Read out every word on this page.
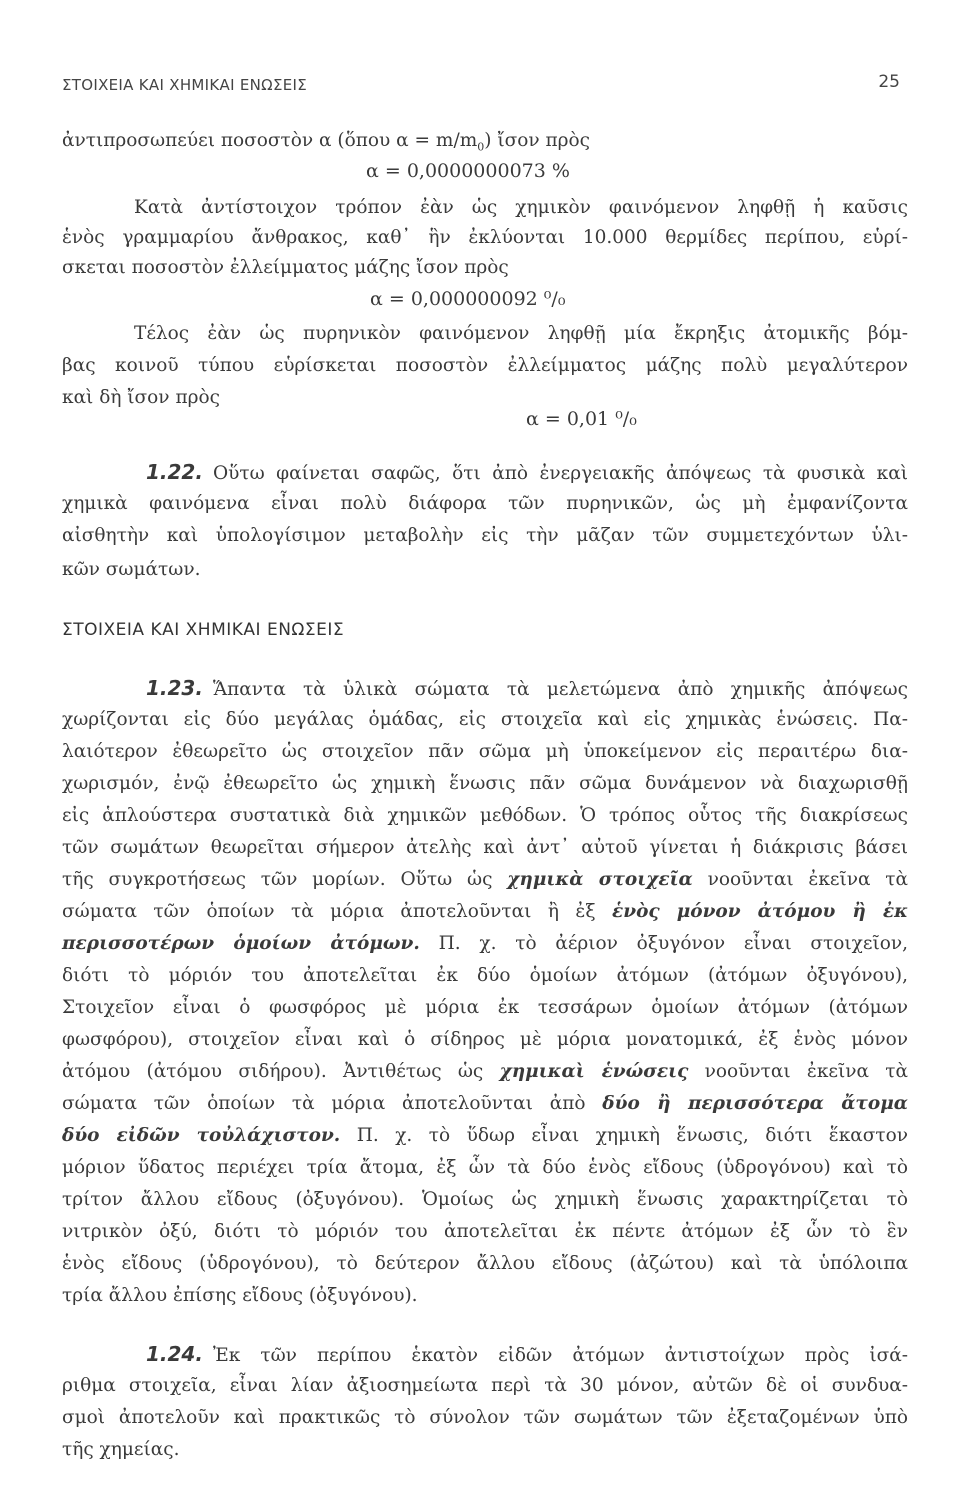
ΣΤΟΙΧΕΙΑ ΚΑΙ ΧΗΜΙΚΑΙ ΕΝΩΣΕΙΣ	25
ἀντιπροσωπεύει ποσοστὸν α (ὅπου $\alpha = m/m_0$) ἴσον πρὸς
α = 0,0000000073 %
Κατὰ ἀντίστοιχον τρόπον ἐὰν ὡς χημικὸν φαινόμενον ληφθῇ ἡ καῦσις
ἑνὸς γραμμαρίου ἄνθρακος, καθ᾿ ἣν ἐκλύονται 10.000 θερμίδες περίπου, εὑρί-
σκεται ποσοστὸν ἐλλείμματος μάζης ἴσον πρὸς
α = 0,000000092 ⁰/₀
Τέλος ἐὰν ὡς πυρηνικὸν φαινόμενον ληφθῇ μία ἔκρηξις ἀτομικῆς βόμ-
βας κοινοῦ τύπου εὑρίσκεται ποσοστὸν ἐλλείμματος μάζης πολὺ μεγαλύτερον
καὶ δὴ ἴσον πρὸς
α = 0,01 ⁰/₀
1.22. Οὕτω φαίνεται σαφῶς, ὅτι ἀπὸ ἐνεργειακῆς ἀπόψεως τὰ φυσικὰ καὶ
χημικὰ φαινόμενα εἶναι πολὺ διάφορα τῶν πυρηνικῶν, ὡς μὴ ἐμφανίζοντα
αἰσθητὴν καὶ ὑπολογίσιμον μεταβολὴν εἰς τὴν μᾶζαν τῶν συμμετεχόντων ὑλι-
κῶν σωμάτων.
ΣΤΟΙΧΕΙΑ ΚΑΙ ΧΗΜΙΚΑΙ ΕΝΩΣΕΙΣ
1.23. Ἅπαντα τὰ ὑλικὰ σώματα τὰ μελετώμενα ἀπὸ χημικῆς ἀπόψεως
χωρίζονται εἰς δύο μεγάλας ὁμάδας, εἰς στοιχεῖα καὶ εἰς χημικὰς ἑνώσεις. Πα-
λαιότερον ἐθεωρεῖτο ὡς στοιχεῖον πᾶν σῶμα μὴ ὑποκείμενον εἰς περαιτέρω δια-
χωρισμόν, ἐνῷ ἐθεωρεῖτο ὡς χημικὴ ἕνωσις πᾶν σῶμα δυνάμενον νὰ διαχωρισθῇ
εἰς ἁπλούστερα συστατικὰ διὰ χημικῶν μεθόδων. Ὁ τρόπος οὗτος τῆς διακρίσεως
τῶν σωμάτων θεωρεῖται σήμερον ἀτελὴς καὶ ἀντ᾿ αὐτοῦ γίνεται ἡ διάκρισις βάσει
τῆς συγκροτήσεως τῶν μορίων. Οὕτω ὡς χημικὰ στοιχεῖα νοοῦνται ἐκεῖνα τὰ
σώματα τῶν ὁποίων τὰ μόρια ἀποτελοῦνται ἢ ἐξ ἑνὸς μόνον ἀτόμου ἢ ἐκ
περισσοτέρων ὁμοίων ἀτόμων. Π. χ. τὸ ἀέριον ὀξυγόνον εἶναι στοιχεῖον,
διότι τὸ μόριόν του ἀποτελεῖται ἐκ δύο ὁμοίων ἀτόμων (ἀτόμων ὀξυγόνου),
Στοιχεῖον εἶναι ὁ φωσφόρος μὲ μόρια ἐκ τεσσάρων ὁμοίων ἀτόμων (ἀτόμων
φωσφόρου), στοιχεῖον εἶναι καὶ ὁ σίδηρος μὲ μόρια μονατομικά, ἐξ ἑνὸς μόνον
ἀτόμου (ἀτόμου σιδήρου). Ἀντιθέτως ὡς χημικαὶ ἑνώσεις νοοῦνται ἐκεῖνα τὰ
σώματα τῶν ὁποίων τὰ μόρια ἀποτελοῦνται ἀπὸ δύο ἢ περισσότερα ἄτομα
δύο εἰδῶν τοὐλάχιστον. Π. χ. τὸ ὕδωρ εἶναι χημικὴ ἕνωσις, διότι ἕκαστον
μόριον ὕδατος περιέχει τρία ἄτομα, ἐξ ὧν τὰ δύο ἑνὸς εἴδους (ὑδρογόνου) καὶ τὸ
τρίτον ἄλλου εἴδους (ὀξυγόνου). Ὁμοίως ὡς χημικὴ ἕνωσις χαρακτηρίζεται τὸ
νιτρικὸν ὀξύ, διότι τὸ μόριόν του ἀποτελεῖται ἐκ πέντε ἀτόμων ἐξ ὧν τὸ ἓν
ἑνὸς εἴδους (ὑδρογόνου), τὸ δεύτερον ἄλλου εἴδους (ἀζώτου) καὶ τὰ ὑπόλοιπα
τρία ἄλλου ἐπίσης εἴδους (ὀξυγόνου).
1.24. Ἐκ τῶν περίπου ἑκατὸν εἰδῶν ἀτόμων ἀντιστοίχων πρὸς ἰσά-
ριθμα στοιχεῖα, εἶναι λίαν ἀξιοσημείωτα περὶ τὰ 30 μόνον, αὐτῶν δὲ οἱ συνδυα-
σμοὶ ἀποτελοῦν καὶ πρακτικῶς τὸ σύνολον τῶν σωμάτων τῶν ἐξεταζομένων ὑπὸ
τῆς χημείας.
